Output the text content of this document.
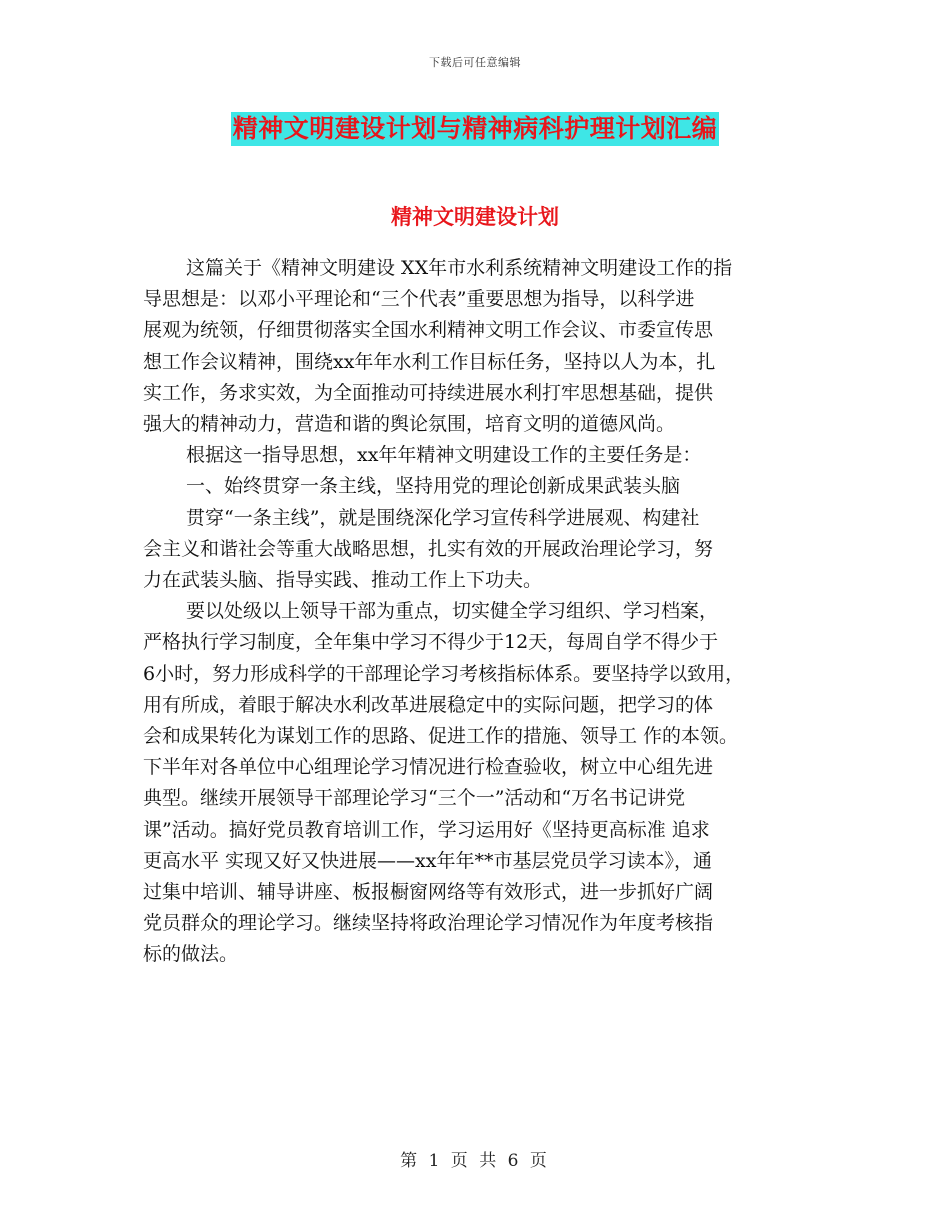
下载后可任意编辑
精神文明建设计划与精神病科护理计划汇编
精神文明建设计划
这篇关于《精神文明建设 XX年市水利系统精神文明建设工作的指
导思想是：以邓小平理论和“三个代表”重要思想为指导，以科学进
展观为统领，仔细贯彻落实全国水利精神文明工作会议、市委宣传思
想工作会议精神，围绕xx年年水利工作目标任务，坚持以人为本，扎
实工作，务求实效，为全面推动可持续进展水利打牢思想基础，提供
强大的精神动力，营造和谐的舆论氛围，培育文明的道德风尚。
根据这一指导思想，xx年年精神文明建设工作的主要任务是：
一、始终贯穿一条主线，坚持用党的理论创新成果武装头脑
贯穿“一条主线”，就是围绕深化学习宣传科学进展观、构建社
会主义和谐社会等重大战略思想，扎实有效的开展政治理论学习，努
力在武装头脑、指导实践、推动工作上下功夫。
要以处级以上领导干部为重点，切实健全学习组织、学习档案，
严格执行学习制度，全年集中学习不得少于12天，每周自学不得少于
6小时，努力形成科学的干部理论学习考核指标体系。要坚持学以致用，
用有所成，着眼于解决水利改革进展稳定中的实际问题，把学习的体
会和成果转化为谋划工作的思路、促进工作的措施、领导工 作的本领。
下半年对各单位中心组理论学习情况进行检查验收，树立中心组先进
典型。继续开展领导干部理论学习“三个一”活动和“万名书记讲党
课”活动。搞好党员教育培训工作，学习运用好《坚持更高标准 追求
更高水平 实现又好又快进展——xx年年**市基层党员学习读本》，通
过集中培训、辅导讲座、板报橱窗网络等有效形式，进一步抓好广阔
党员群众的理论学习。继续坚持将政治理论学习情况作为年度考核指
标的做法。
第 1 页 共 6 页
